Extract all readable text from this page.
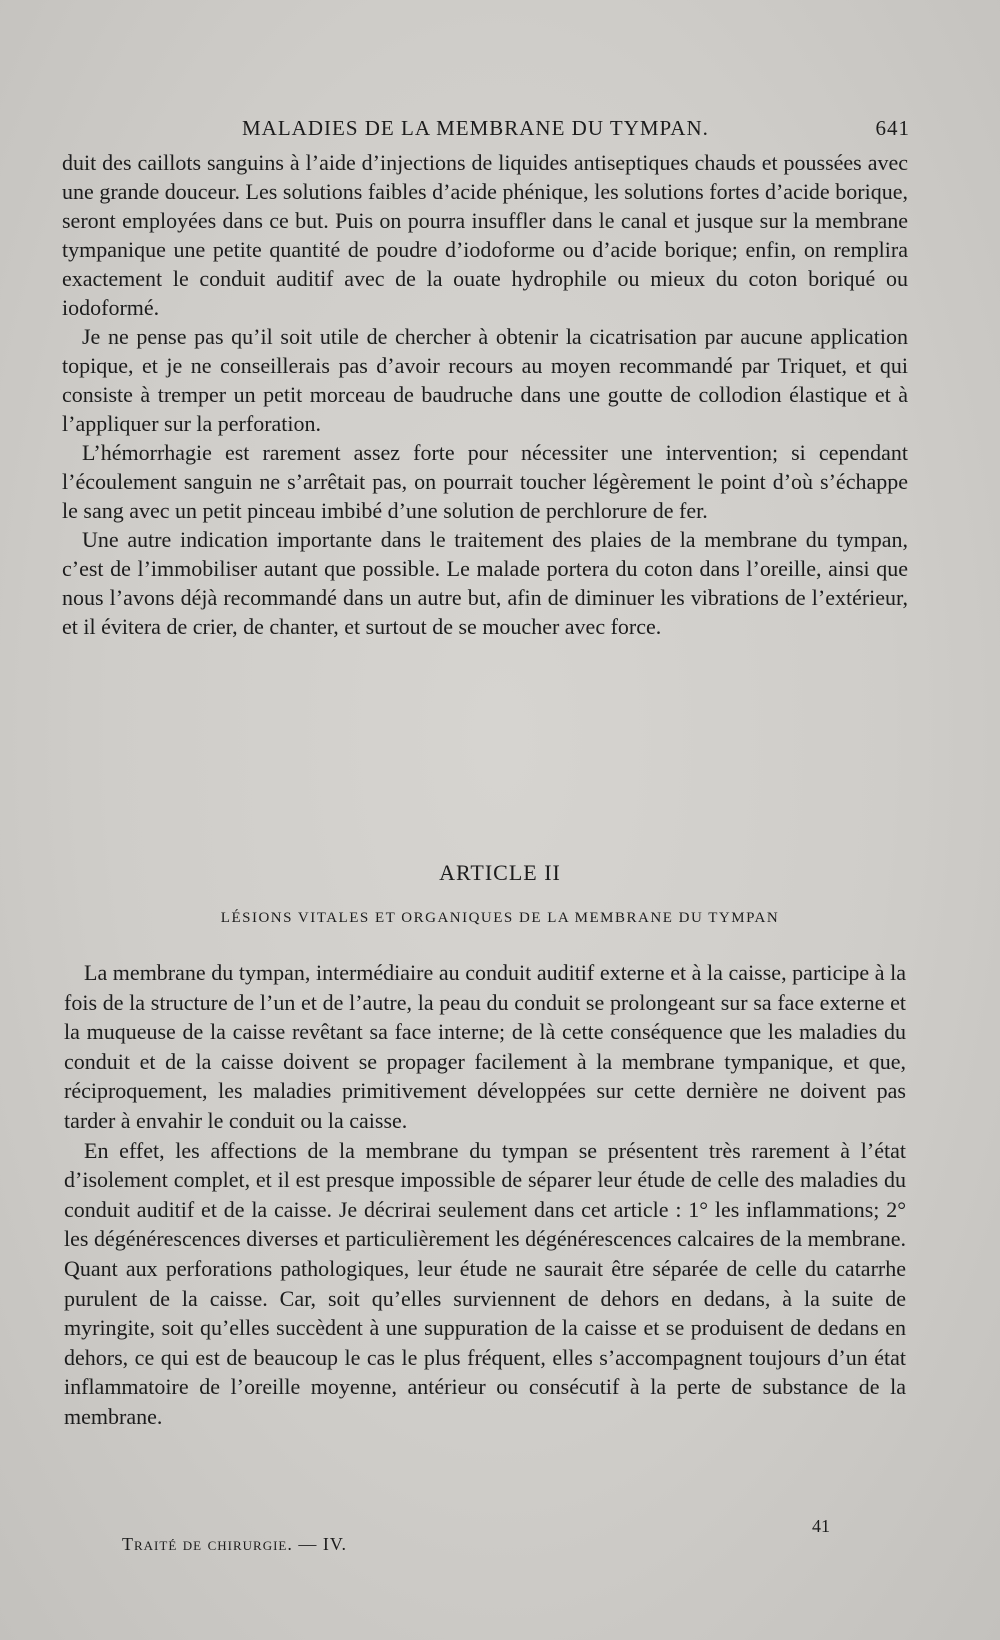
MALADIES DE LA MEMBRANE DU TYMPAN.	641

duit des caillots sanguins à l’aide d’injections de liquides antiseptiques chauds et poussées avec une grande douceur. Les solutions faibles d’acide phénique, les solutions fortes d’acide borique, seront employées dans ce but. Puis on pourra insuffler dans le canal et jusque sur la membrane tympanique une petite quantité de poudre d’iodoforme ou d’acide borique; enfin, on remplira exactement le conduit auditif avec de la ouate hydrophile ou mieux du coton boriqué ou iodoformé.

Je ne pense pas qu’il soit utile de chercher à obtenir la cicatrisation par aucune application topique, et je ne conseillerais pas d’avoir recours au moyen recommandé par Triquet, et qui consiste à tremper un petit morceau de baudruche dans une goutte de collodion élastique et à l’appliquer sur la perforation.

L’hémorrhagie est rarement assez forte pour nécessiter une intervention; si cependant l’écoulement sanguin ne s’arrêtait pas, on pourrait toucher légèrement le point d’où s’échappe le sang avec un petit pinceau imbibé d’une solution de perchlorure de fer.

Une autre indication importante dans le traitement des plaies de la membrane du tympan, c’est de l’immobiliser autant que possible. Le malade portera du coton dans l’oreille, ainsi que nous l’avons déjà recommandé dans un autre but, afin de diminuer les vibrations de l’extérieur, et il évitera de crier, de chanter, et surtout de se moucher avec force.

ARTICLE II
LÉSIONS VITALES ET ORGANIQUES DE LA MEMBRANE DU TYMPAN

La membrane du tympan, intermédiaire au conduit auditif externe et à la caisse, participe à la fois de la structure de l’un et de l’autre, la peau du conduit se prolongeant sur sa face externe et la muqueuse de la caisse revêtant sa face interne; de là cette conséquence que les maladies du conduit et de la caisse doivent se propager facilement à la membrane tympanique, et que, réciproquement, les maladies primitivement développées sur cette dernière ne doivent pas tarder à envahir le conduit ou la caisse.

En effet, les affections de la membrane du tympan se présentent très rarement à l’état d’isolement complet, et il est presque impossible de séparer leur étude de celle des maladies du conduit auditif et de la caisse. Je décrirai seulement dans cet article : 1° les inflammations; 2° les dégénérescences diverses et particulièrement les dégénérescences calcaires de la membrane. Quant aux perforations pathologiques, leur étude ne saurait être séparée de celle du catarrhe purulent de la caisse. Car, soit qu’elles surviennent de dehors en dedans, à la suite de myringite, soit qu’elles succèdent à une suppuration de la caisse et se produisent de dedans en dehors, ce qui est de beaucoup le cas le plus fréquent, elles s’accompagnent toujours d’un état inflammatoire de l’oreille moyenne, antérieur ou consécutif à la perte de substance de la membrane.

41
Traité de chirurgie. — IV.
